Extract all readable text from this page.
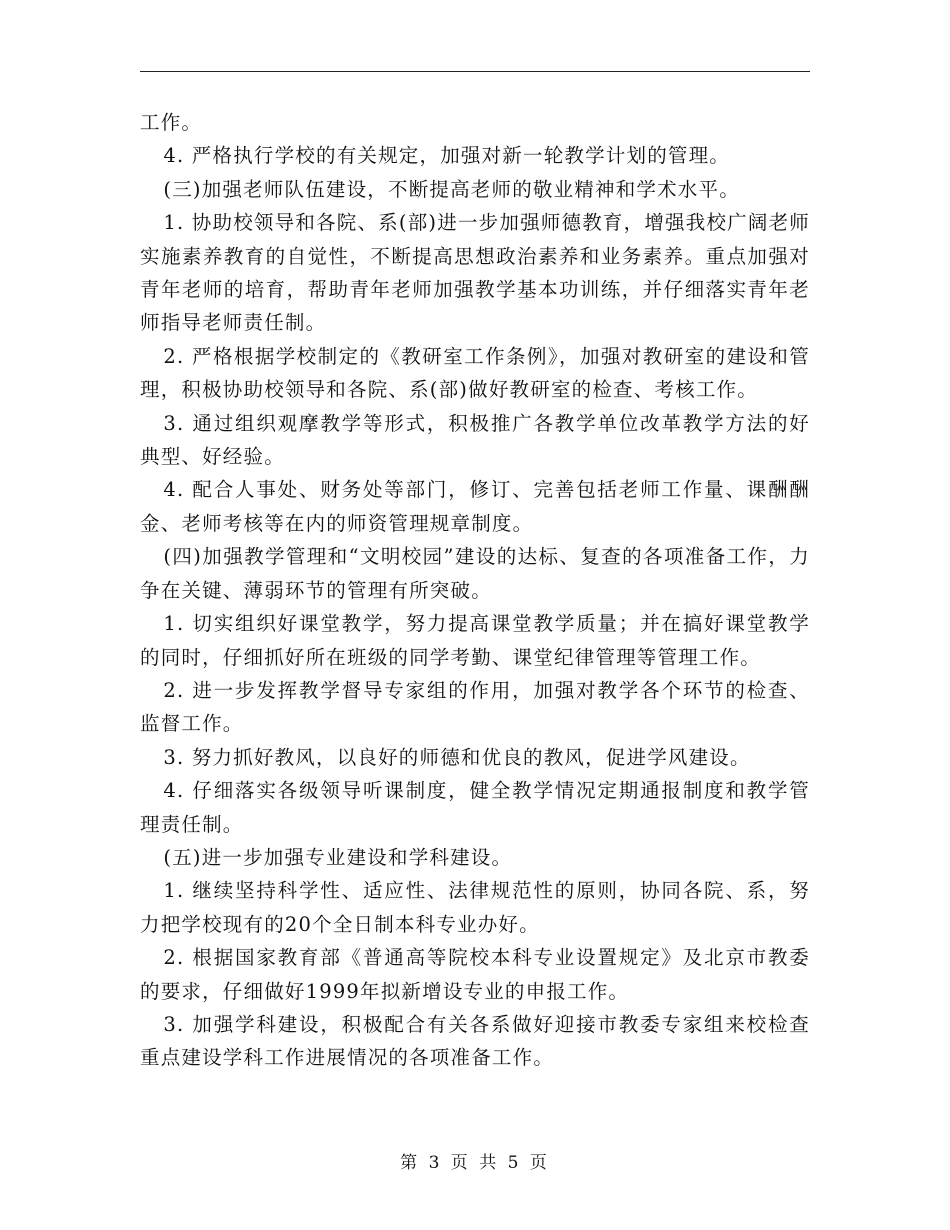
工作。

4. 严格执行学校的有关规定，加强对新一轮教学计划的管理。

(三)加强老师队伍建设，不断提高老师的敬业精神和学术水平。

1. 协助校领导和各院、系(部)进一步加强师德教育，增强我校广阔老师实施素养教育的自觉性，不断提高思想政治素养和业务素养。重点加强对青年老师的培育，帮助青年老师加强教学基本功训练，并仔细落实青年老师指导老师责任制。

2. 严格根据学校制定的《教研室工作条例》，加强对教研室的建设和管理，积极协助校领导和各院、系(部)做好教研室的检查、考核工作。

3. 通过组织观摩教学等形式，积极推广各教学单位改革教学方法的好典型、好经验。

4. 配合人事处、财务处等部门，修订、完善包括老师工作量、课酬酬金、老师考核等在内的师资管理规章制度。

(四)加强教学管理和“文明校园”建设的达标、复查的各项准备工作，力争在关键、薄弱环节的管理有所突破。

1. 切实组织好课堂教学，努力提高课堂教学质量；并在搞好课堂教学的同时，仔细抓好所在班级的同学考勤、课堂纪律管理等管理工作。

2. 进一步发挥教学督导专家组的作用，加强对教学各个环节的检查、监督工作。

3. 努力抓好教风，以良好的师德和优良的教风，促进学风建设。

4. 仔细落实各级领导听课制度，健全教学情况定期通报制度和教学管理责任制。

(五)进一步加强专业建设和学科建设。

1. 继续坚持科学性、适应性、法律规范性的原则，协同各院、系，努力把学校现有的20个全日制本科专业办好。

2. 根据国家教育部《普通高等院校本科专业设置规定》及北京市教委的要求，仔细做好1999年拟新增设专业的申报工作。

3. 加强学科建设，积极配合有关各系做好迎接市教委专家组来校检查重点建设学科工作进展情况的各项准备工作。

第 3 页 共 5 页
